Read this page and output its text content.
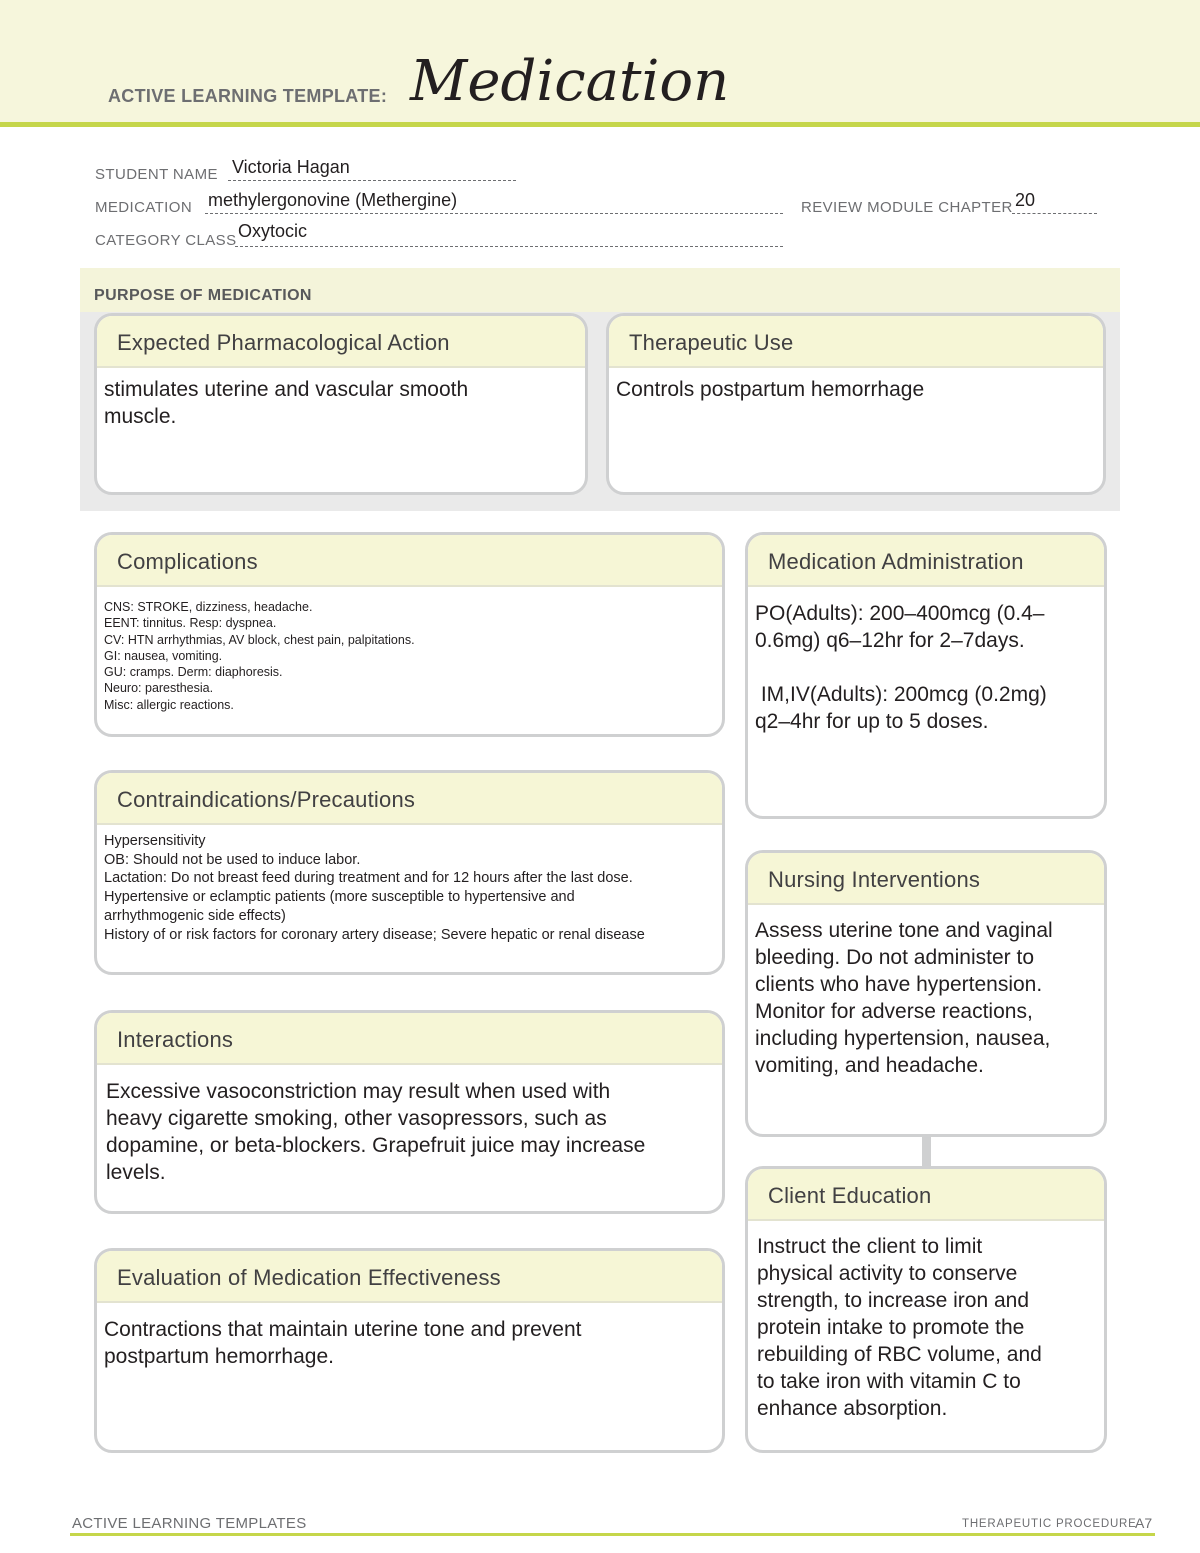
ACTIVE LEARNING TEMPLATE: Medication
STUDENT NAME Victoria Hagan
MEDICATION methylergonovine (Methergine)	REVIEW MODULE CHAPTER 20
CATEGORY CLASS Oxytocic
PURPOSE OF MEDICATION
Expected Pharmacological Action
stimulates uterine and vascular smooth muscle.
Therapeutic Use
Controls postpartum hemorrhage
Complications
CNS: STROKE, dizziness, headache.
EENT: tinnitus. Resp: dyspnea.
CV: HTN arrhythmias, AV block, chest pain, palpitations.
GI: nausea, vomiting.
GU: cramps. Derm: diaphoresis.
Neuro: paresthesia.
Misc: allergic reactions.
Medication Administration
PO(Adults): 200–400mcg (0.4–
0.6mg) q6–12hr for 2–7days.
IM,IV(Adults): 200mcg (0.2mg)
q2–4hr for up to 5 doses.
Contraindications/Precautions
Hypersensitivity
OB: Should not be used to induce labor.
Lactation: Do not breast feed during treatment and for 12 hours after the last dose.
Hypertensive or eclamptic patients (more susceptible to hypertensive and
arrhythmogenic side effects)
History of or risk factors for coronary artery disease; Severe hepatic or renal disease
Nursing Interventions
Assess uterine tone and vaginal
bleeding. Do not administer to
clients who have hypertension.
Monitor for adverse reactions,
including hypertension, nausea,
vomiting, and headache.
Interactions
Excessive vasoconstriction may result when used with
heavy cigarette smoking, other vasopressors, such as
dopamine, or beta-blockers. Grapefruit juice may increase
levels.
Client Education
Instruct the client to limit
physical activity to conserve
strength, to increase iron and
protein intake to promote the
rebuilding of RBC volume, and
to take iron with vitamin C to
enhance absorption.
Evaluation of Medication Effectiveness
Contractions that maintain uterine tone and prevent
postpartum hemorrhage.
ACTIVE LEARNING TEMPLATES	THERAPEUTIC PROCEDURE
A7
